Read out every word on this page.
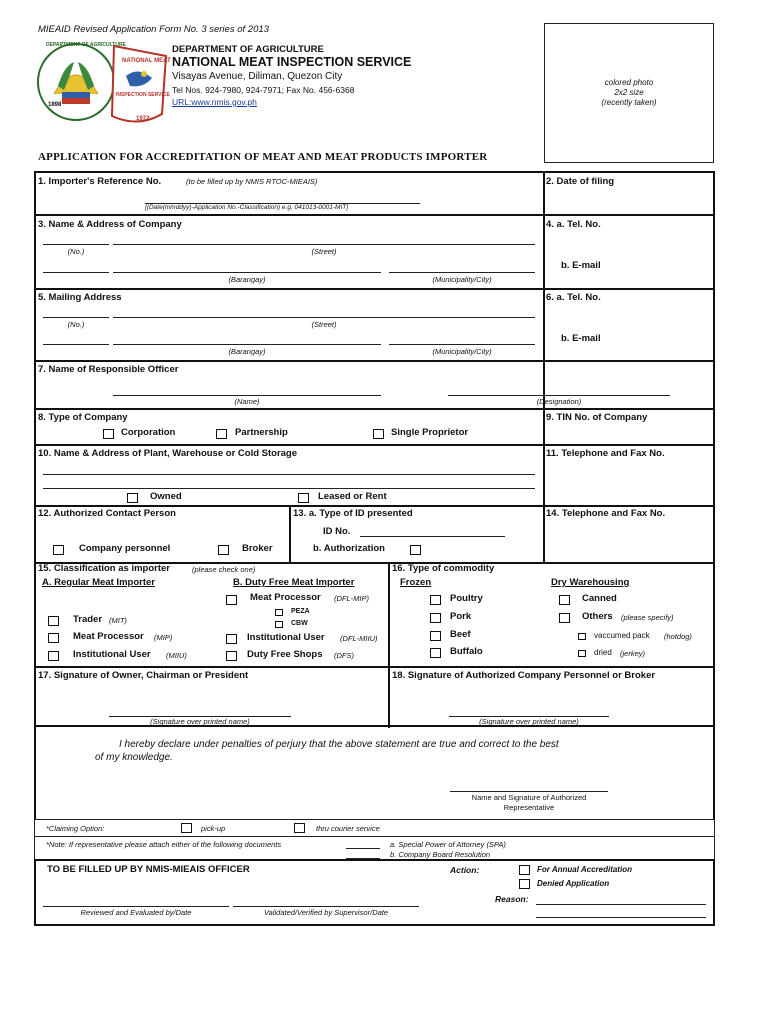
MIEAID Revised Application Form No. 3 series of 2013
DEPARTMENT OF AGRICULTURE
NATIONAL MEAT
INSPECTION SERVICE
1898
1972
DEPARTMENT OF AGRICULTURE
NATIONAL MEAT INSPECTION SERVICE
Visayas Avenue, Diliman, Quezon City
Tel Nos. 924-7980, 924-7971; Fax No. 456-6368
URL:www.nmis.gov.ph
colored photo
2x2 size
(recently taken)
APPLICATION FOR ACCREDITATION OF MEAT AND MEAT PRODUCTS IMPORTER
1. Importer's Reference No.	(to be filled up by NMIS RTOC-MIEAIS)
[(Date(mmddyy)-Application No.-Classification) e.g. 041013-0001-MIT]
2. Date of filing
3. Name & Address of Company
(No.)	(Street)
(Barangay)	(Municipality/City)
4. a. Tel. No.
b. E-mail
5. Mailing Address
(No.)	(Street)
(Barangay)	(Municipality/City)
6. a. Tel. No.
b. E-mail
7. Name of Responsible Officer
(Name)	(Designation)
8. Type of Company
Corporation	Partnership	Single Proprietor
9. TIN No. of Company
10. Name & Address of Plant, Warehouse or Cold Storage
Owned	Leased or Rent
11. Telephone and Fax No.
12. Authorized Contact Person
Company personnel	Broker
13. a. Type of ID presented
ID No.
b. Authorization
14. Telephone and Fax No.
15. Classification as importer	(please check one)
A. Regular Meat Importer	B. Duty Free Meat Importer
Trader (MIT)
Meat Processor (MIP)
Institutional User (MIIU)
Meat Processor (DFL-MIP)
PEZA
CBW
Institutional User (DFL-MIIU)
Duty Free Shops (DFS)
16. Type of commodity
Frozen	Dry Warehousing
Poultry
Pork
Beef
Buffalo
Canned
Others (please specify)
vaccumed pack (hotdog)
dried (jerkey)
17. Signature of Owner, Chairman or President
(Signature over printed name)
18. Signature of Authorized Company Personnel or Broker
(Signature over printed name)
I hereby declare under penalties of perjury that the above statement are true and correct to the best
of my knowledge.
Name and Signature of Authorized
Representative
*Claiming Option:	pick-up	thru courier service
*Note: If representative please attach either of the following documents	a. Special Power of Attorney (SPA)
b. Company Board Resolution
TO BE FILLED UP BY NMIS-MIEAIS OFFICER	Action:	For Annual Accreditation
Denied Application
Reason:
Reviewed and Evaluated by/Date	Validated/Verified by Supervisor/Date
